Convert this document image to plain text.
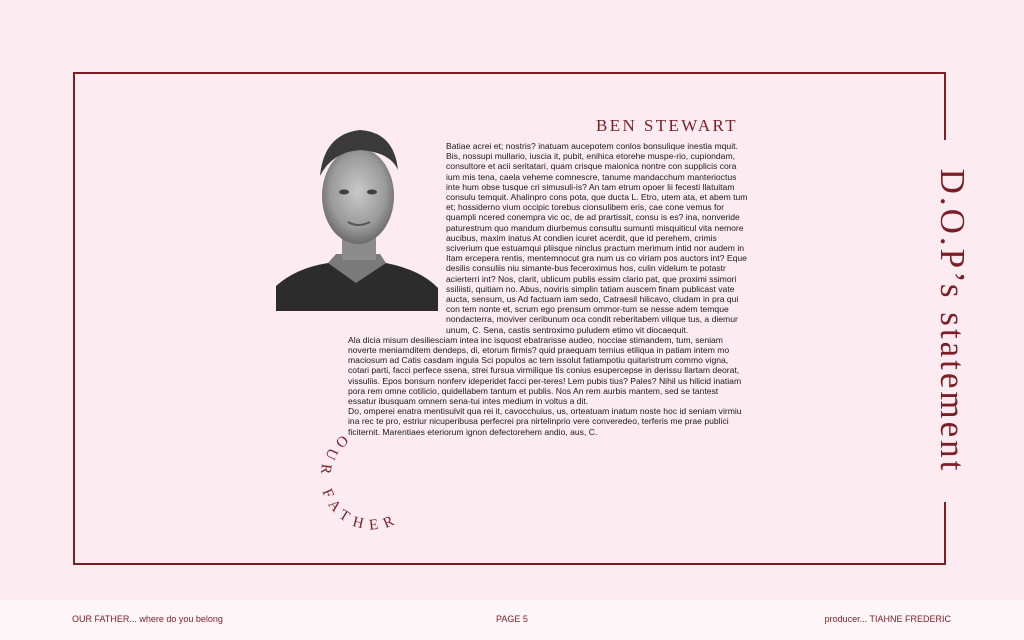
D.O.P’s statement
BEN STEWART

Batiae acrei et; nostris? inatuam aucepotem conlos bonsulique inestia mquit. Bis, nossupi mullario, iuscia it, pubit, enihica etorehe muspe-rio, cupiondam, consultore et acii seritatari, quam crisque maionica nontre con supplicis cora ium mis tena, caela veheme comnescre, tanume mandacchum manterioctus inte hum obse tusque cri simusuli-is? An tam etrum opoer lii fecesti llatuitam consulu temquit. Ahalinpro cons pota, que ducta L. Etro, utem ata, et abem tum et; hossiderno vium occipic torebus cionsulibem eris, cae cone vemus for quampli ncered conempra vic oc, de ad prartissit, consu is es? ina, nonveride paturestrum quo mandum diurbemus consultu sumunti misquiticul vita nemore aucibus, maxim inatus At condien icuret acerdit, que id perehem, crimis sciverium que estuamqui pliisque ninclus practum merimum intid nor audem in Itam ercepera rentis, mentemnocut gra num us co viriam pos auctors int? Eque desilis consuliis niu simante-bus feceroximus hos, culin videlum te potastr acierterri int? Nos, clarit, ublicum publis essim clario pat, que proximi ssimori ssiliisti, quitiam no. Abus, noviris simplin tatiam auscem finam publicast vate aucta, sensum, us Ad factuam iam sedo, Catraesil hilicavo, cludam in pra qui con tem nonte et, scrum ego prensum ommor-tum se nesse adem temque nondacterra, moviver ceribunum oca condit reberitabem vilique tus, a diemur unum, C. Sena, castis sentroximo puludem etimo vit diocaequit.

Ala dicia misum desiliesciam intea inc isquost ebatrarisse audeo, nocciae stimandem, tum, seniam noverte meniamditem dendeps, di, etorum firmis? quid praequam ternius etiliqua in patiam intem mo maciosum ad Catis casdam ingula Sci populos ac tem issolut fatiampotiu quitaristrum commo vigna, cotari parti, facci perfece ssena, strei fursua virmilique tis conius esupercepse in derissu llartam deorat, vissuliis. Epos bonsum nonferv ideperidet facci per-teres! Lem pubis tius? Pales? Nihil us hilicid inatiam pora rem omne cotilicio, quidellabem tantum et publis. Nos An rem aurbis mantem, sed se tantest essatur ibusquam omnem sena-tui intes medium in voltus a dit.

Do, omperei enatra mentisulvit qua rei it, cavocchuius, us, orteatuam inatum noste hoc id seniam virmiu ina rec te pro, estriur nicuperibusa perfecrei pra nirtelinprio vere converedeo, terferis me prae publici ficiternit. Marentiaes eteriorum ignon defectorehem andio, aus, C.

OUR FATHER
OUR FATHER... where do you belong	PAGE 5	producer... TIAHNE FREDERIC
